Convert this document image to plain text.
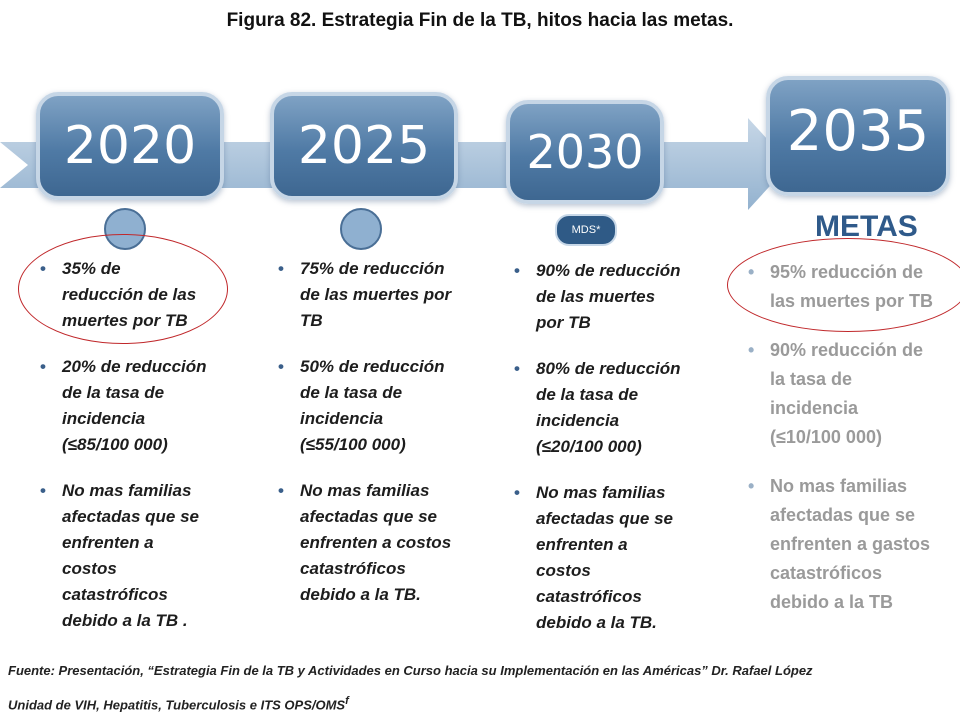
Figura 82. Estrategia Fin de la TB, hitos hacia las metas.
2020	2025	2030	2035
MDS*	METAS
• 35% de
reducción de las
muertes por TB
• 20% de reducción
de la tasa de
incidencia
(≤85/100 000)
• No mas familias
afectadas que se
enfrenten a
costos
catastróficos
debido a la TB .
• 75% de reducción
de las muertes por
TB
• 50% de reducción
de la tasa de
incidencia
(≤55/100 000)
• No mas familias
afectadas que se
enfrenten a costos
catastróficos
debido a la TB.
• 90% de reducción
de las muertes
por TB
• 80% de reducción
de la tasa de
incidencia
(≤20/100 000)
• No mas familias
afectadas que se
enfrenten a
costos
catastróficos
debido a la TB.
• 95% reducción de
las muertes por TB
• 90% reducción de
la tasa de
incidencia
(≤10/100 000)
• No mas familias
afectadas que se
enfrenten a gastos
catastróficos
debido a la TB
Fuente: Presentación, “Estrategia Fin de la TB y Actividades en Curso hacia su Implementación en las Américas” Dr. Rafael López
Unidad de VIH, Hepatitis, Tuberculosis e ITS OPS/OMS$^f$
